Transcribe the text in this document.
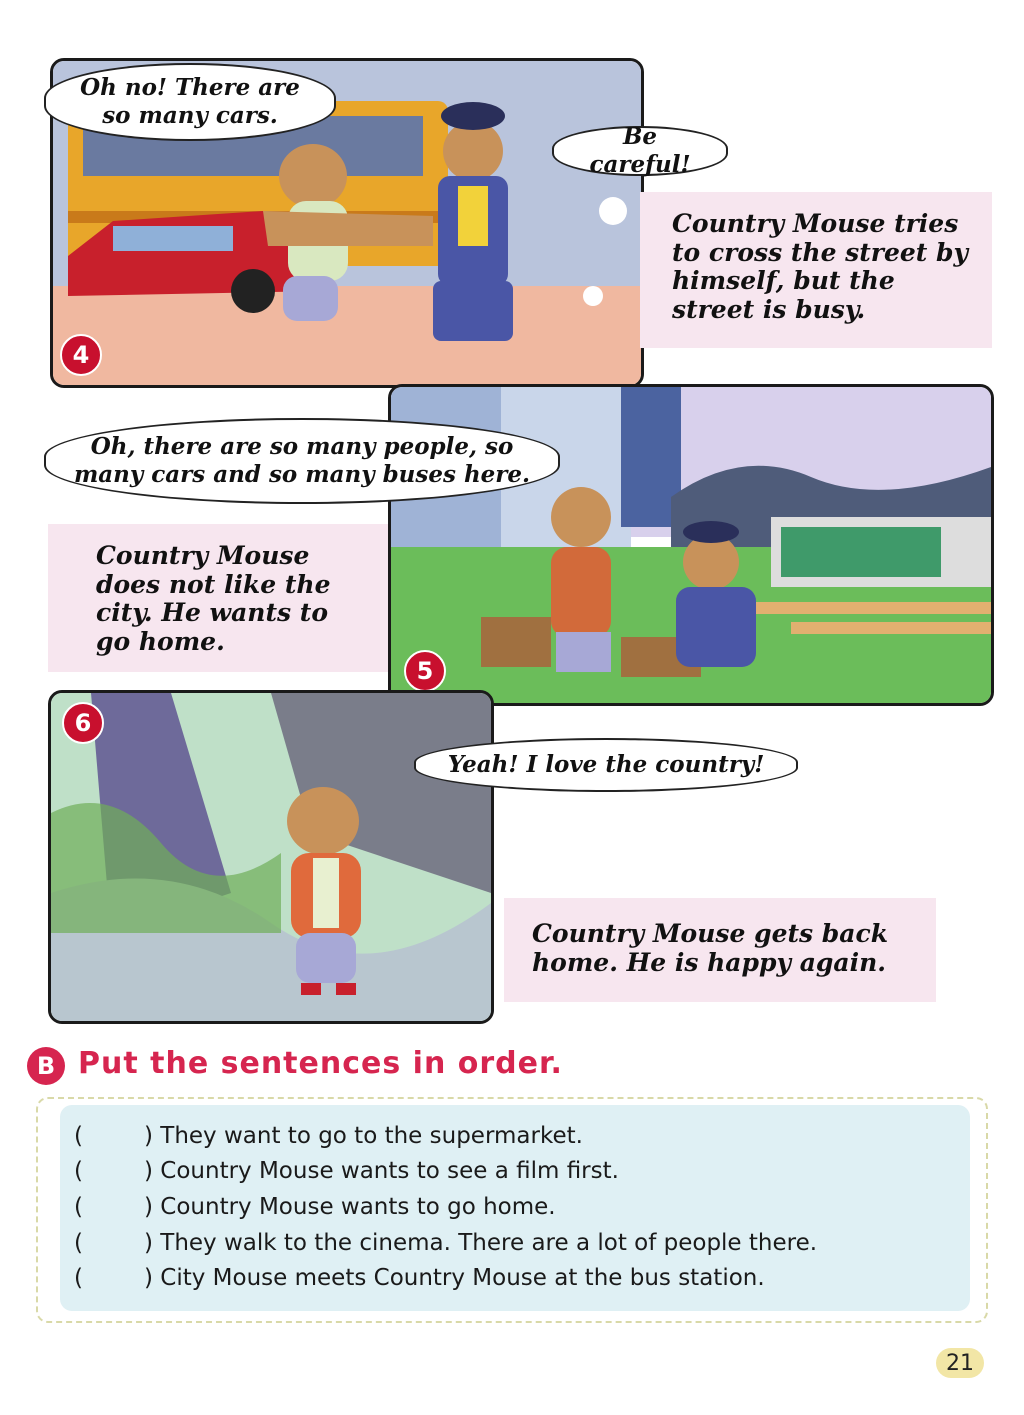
4
Oh no! There are so many cars.
Be careful!
Country Mouse tries to cross the street by himself, but the street is busy.
5
Oh, there are so many people, so many cars and so many buses here.
Country Mouse does not like the city. He wants to go home.
6
Yeah! I love the country!
Country Mouse gets back home. He is happy again.
B Put the sentences in order.
(	) They want to go to the supermarket.
(	) Country Mouse wants to see a film first.
(	) Country Mouse wants to go home.
(	) They walk to the cinema. There are a lot of people there.
(	) City Mouse meets Country Mouse at the bus station.
21
